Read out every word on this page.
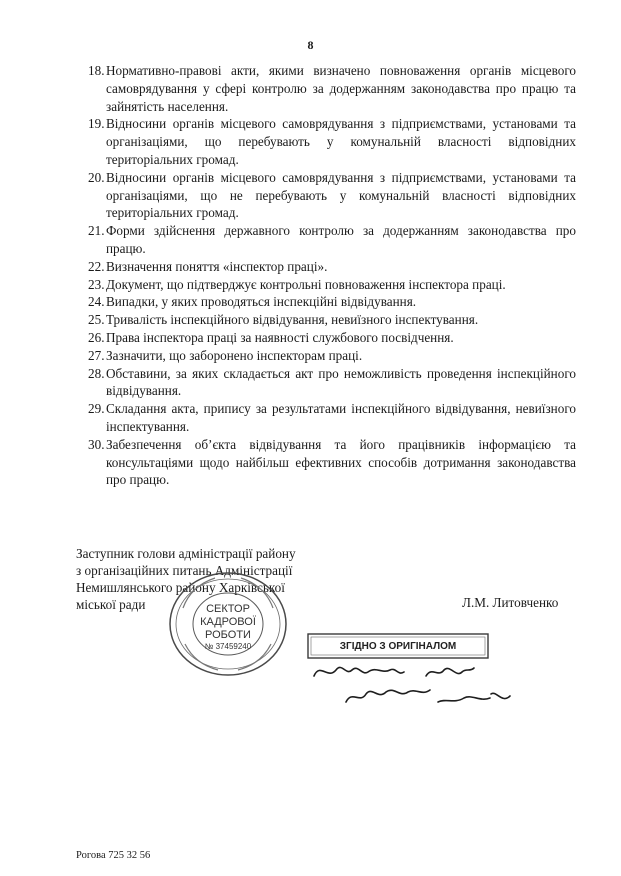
8
18. Нормативно-правові акти, якими визначено повноваження органів місцевого самоврядування у сфері контролю за додержанням законодавства про працю та зайнятість населення.
19. Відносини органів місцевого самоврядування з підприємствами, установами та організаціями, що перебувають у комунальній власності відповідних територіальних громад.
20. Відносини органів місцевого самоврядування з підприємствами, установами та організаціями, що не перебувають у комунальній власності відповідних територіальних громад.
21. Форми здійснення державного контролю за додержанням законодавства про працю.
22. Визначення поняття «інспектор праці».
23. Документ, що підтверджує контрольні повноваження інспектора праці.
24. Випадки, у яких проводяться інспекційні відвідування.
25. Тривалість інспекційного відвідування, невиїзного інспектування.
26. Права інспектора праці за наявності службового посвідчення.
27. Зазначити, що заборонено інспекторам праці.
28. Обставини, за яких складається акт про неможливість проведення інспекційного відвідування.
29. Складання акта, припису за результатами інспекційного відвідування, невиїзного інспектування.
30. Забезпечення об’єкта відвідування та його працівників інформацією та консультаціями щодо найбільш ефективних способів дотримання законодавства про працю.
Заступник голови адміністрації району
з організаційних питань Адміністрації
Немишлянського району Харківської
міської ради	Л.М. Литовченко
СЕКТОР
КАДРОВОЇ
РОБОТИ
№ 37459240	ЗГІДНО З ОРИГІНАЛОМ
Рогова 725 32 56
